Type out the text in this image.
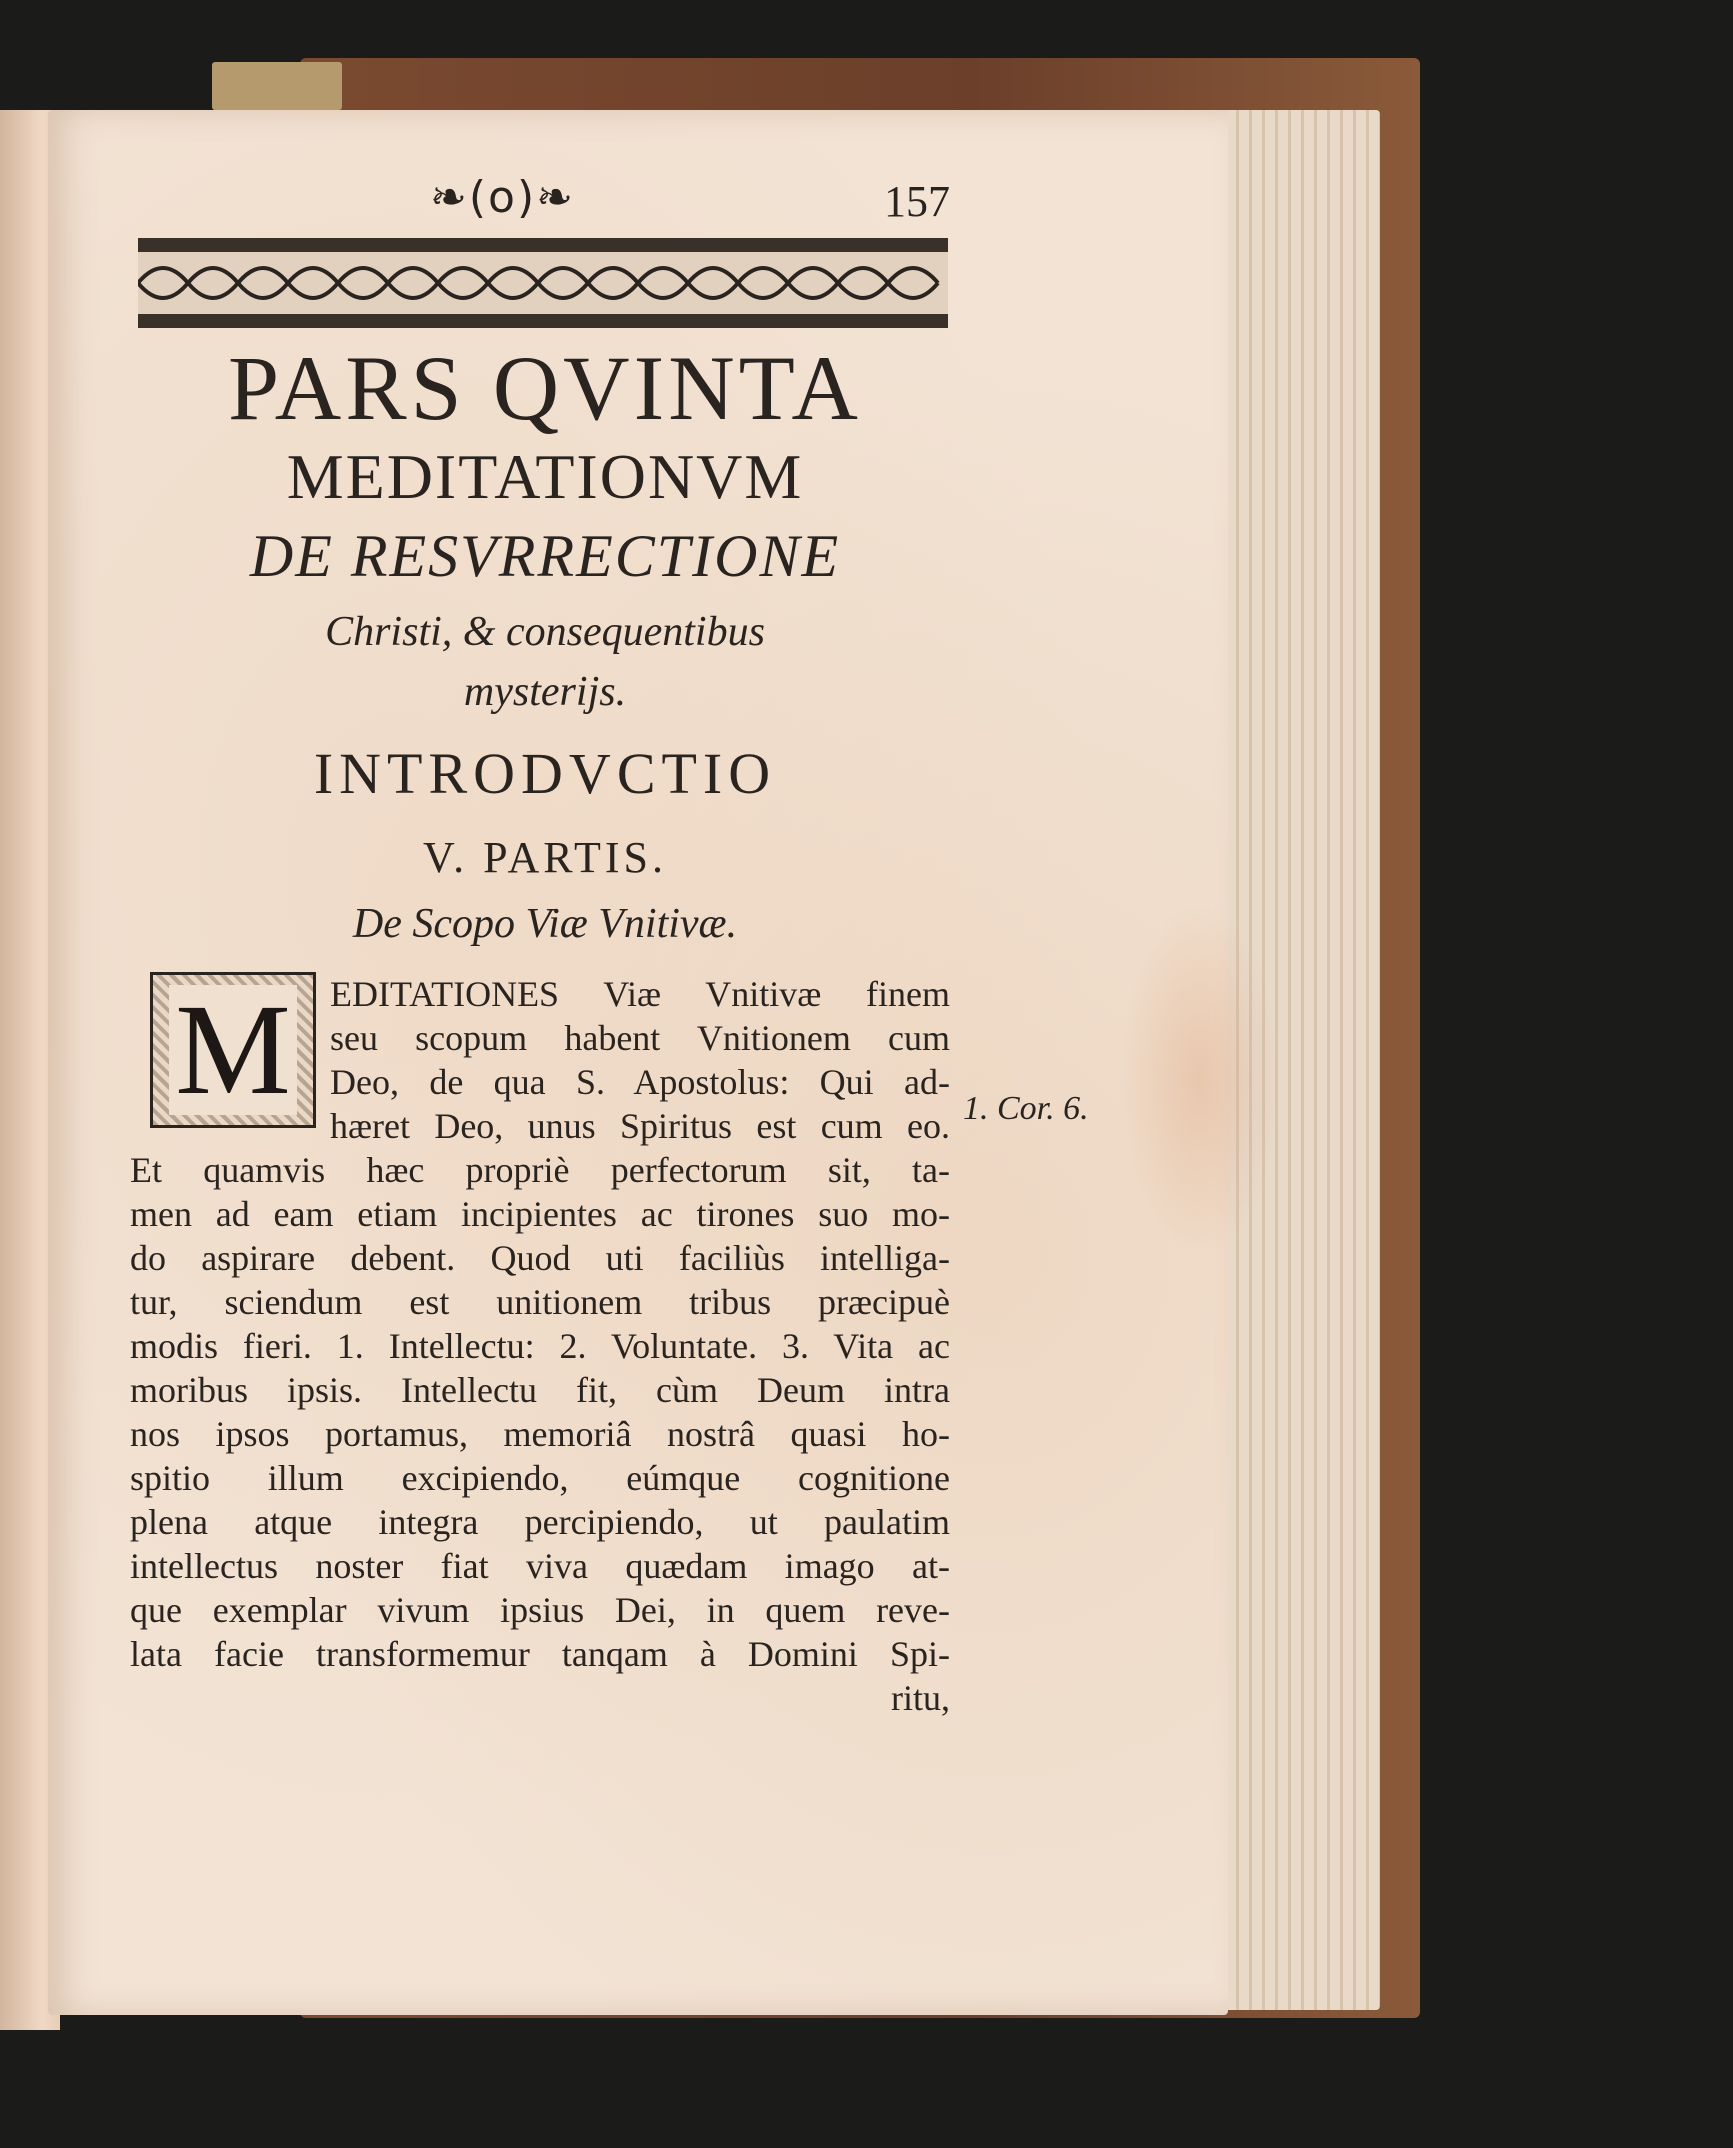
❧(o)❧	157
PARS QVINTA
MEDITATIONVM
DE RESVRRECTIONE
Christi, & consequentibus
mysterijs.
INTRODVCTIO
V. PARTIS.
De Scopo Viæ Vnitivæ.
M	1. Cor. 6.
EDITATIONES Viæ Vnitivæ finem
seu scopum habent Vnitionem cum
Deo, de qua S. Apostolus: Qui ad-
hæret Deo, unus Spiritus est cum eo.
Et quamvis hæc propriè perfectorum sit, ta-
men ad eam etiam incipientes ac tirones suo mo-
do aspirare debent. Quod uti faciliùs intelliga-
tur, sciendum est unitionem tribus præcipuè
modis fieri. 1. Intellectu: 2. Voluntate. 3. Vita ac
moribus ipsis. Intellectu fit, cùm Deum intra
nos ipsos portamus, memoriâ nostrâ quasi ho-
spitio illum excipiendo, eúmque cognitione
plena atque integra percipiendo, ut paulatim
intellectus noster fiat viva quædam imago at-
que exemplar vivum ipsius Dei, in quem reve-
lata facie transformemur tanqam à Domini Spi-
ritu,
